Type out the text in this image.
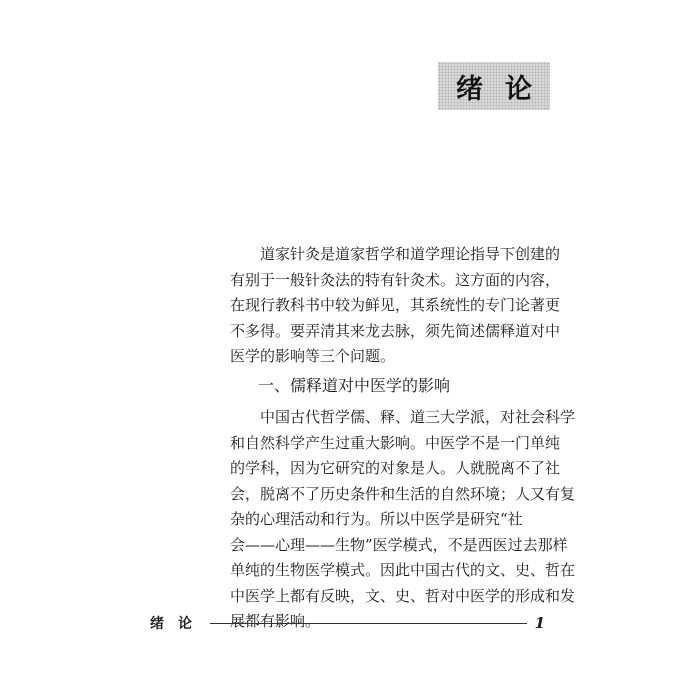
绪论

　　道家针灸是道家哲学和道学理论指导下创建的
有别于一般针灸法的特有针灸术。这方面的内容，
在现行教科书中较为鲜见，其系统性的专门论著更
不多得。要弄清其来龙去脉，须先简述儒释道对中
医学的影响等三个问题。

一、儒释道对中医学的影响

　　中国古代哲学儒、释、道三大学派，对社会科学
和自然科学产生过重大影响。中医学不是一门单纯
的学科，因为它研究的对象是人。人就脱离不了社
会，脱离不了历史条件和生活的自然环境；人又有复
杂的心理活动和行为。所以中医学是研究“社
会——心理——生物”医学模式，不是西医过去那样
单纯的生物医学模式。因此中国古代的文、史、哲在
中医学上都有反映，文、史、哲对中医学的形成和发
展都有影响。

绪论	1
